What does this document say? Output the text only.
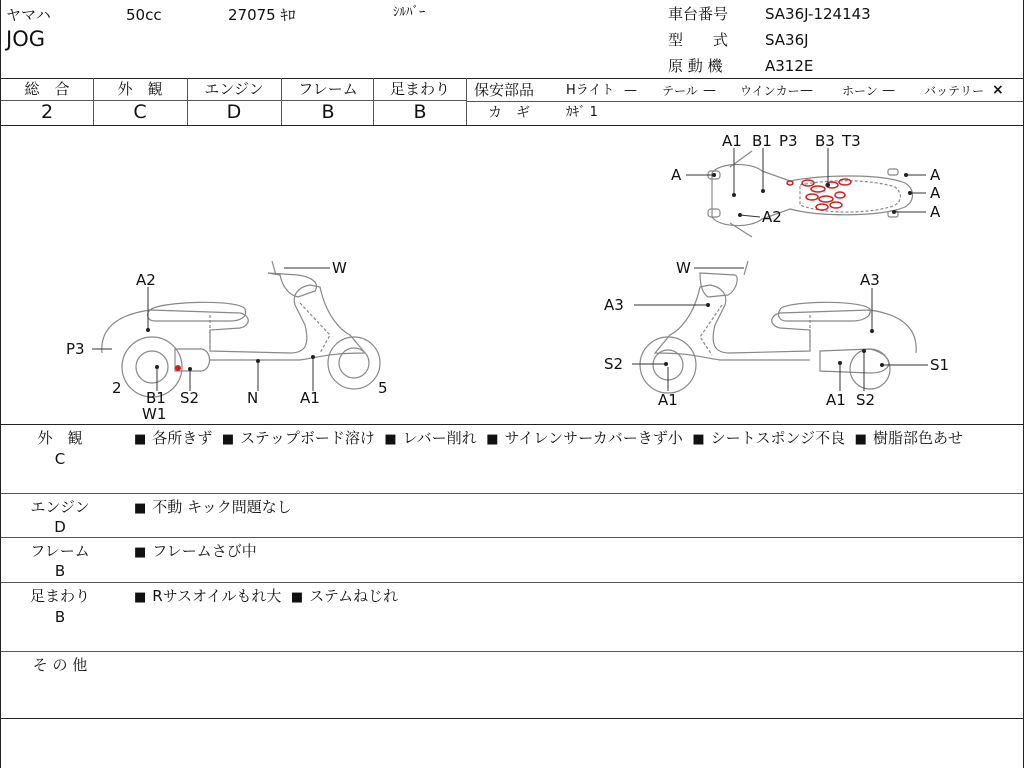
ヤマハ	50cc	27075 ｷﾛ	ｼﾙﾊﾞｰ
JOG
車台番号 SA36J-124143
型　　式 SA36J
原 動 機	A312E
総　合
2
外　観
C
エンジン
D
フレーム
B
足まわり
B
保安部品 Hライト — テール — ウインカー — ホーン — バッテリー ×
カ　ギ	ｶｷﾞ 1
A1 B1 P3 B3 T3
A	A
A
A
A2
A2
W
P3
2
B1
W1
S2	N	A1
5
W
A3
A3
S2
A1	A1 S2
S1
外　観
C
■ 各所きず ■ ステップボード溶け ■ レバー削れ ■ サイレンサーカバーきず小 ■ シートスポンジ不良 ■ 樹脂部色あせ
エンジン
D
■ 不動 キック問題なし
フレーム
B
■ フレームさび中
足まわり
B
■ Rサスオイルもれ大 ■ ステムねじれ
そ の 他
